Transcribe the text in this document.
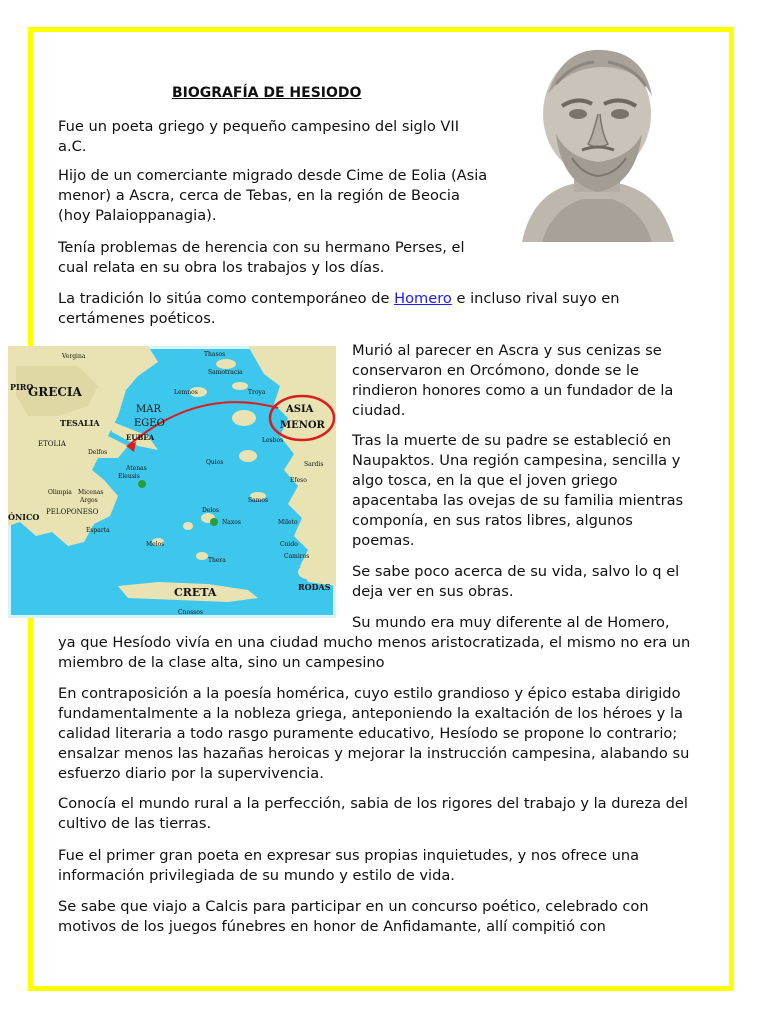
BIOGRAFÍA DE HESIODO

Fue un poeta griego y pequeño campesino del siglo VII a.C.

Hijo de un comerciante migrado desde Cime de Eolia (Asia menor) a Ascra, cerca de Tebas, en la región de Beocia (hoy Palaioppanagia).

Tenía problemas de herencia con su hermano Perses, el cual relata en su obra los trabajos y los días.

La tradición lo sitúa como contemporáneo de Homero e incluso rival suyo en certámenes poéticos.

GRECIA
TESALIA
MAR
EGEO
ASIA
MENOR
ETOLIA
PELOPONESO
CRETA	RODAS
Thasos
Samotracia
Lemnos	Troya
Lesbos
Vergina
PIRO
Delfos
EUBEA
Atenas
Eleusis
Olimpia Micenas
Argos
Esparta
Quios
Samos
Sardis
Efeso
Mileto
Naxos
Delos
Melos
Thera
Cnido
Camiros
Cnossos
ÓNICO

Murió al parecer en Ascra y sus cenizas se conservaron en Orcómono, donde se le rindieron honores como a un fundador de la ciudad.

Tras la muerte de su padre se estableció en Naupaktos. Una región campesina, sencilla y algo tosca, en la que el joven griego apacentaba las ovejas de su familia mientras componía, en sus ratos libres, algunos poemas.

Se sabe poco acerca de su vida, salvo lo q el deja ver en sus obras.

Su mundo era muy diferente al de Homero,

ya que Hesíodo vivía en una ciudad mucho menos aristocratizada, el mismo no era un miembro de la clase alta, sino un campesino

En contraposición a la poesía homérica, cuyo estilo grandioso y épico estaba dirigido fundamentalmente a la nobleza griega, anteponiendo la exaltación de los héroes y la calidad literaria a todo rasgo puramente educativo, Hesíodo se propone lo contrario; ensalzar menos las hazañas heroicas y mejorar la instrucción campesina, alabando su esfuerzo diario por la supervivencia.

Conocía el mundo rural a la perfección, sabia de los rigores del trabajo y la dureza del cultivo de las tierras.

Fue el primer gran poeta en expresar sus propias inquietudes, y nos ofrece una información privilegiada de su mundo y estilo de vida.

Se sabe que viajo a Calcis para participar en un concurso poético, celebrado con motivos de los juegos fúnebres en honor de Anfidamante, allí compitió con
